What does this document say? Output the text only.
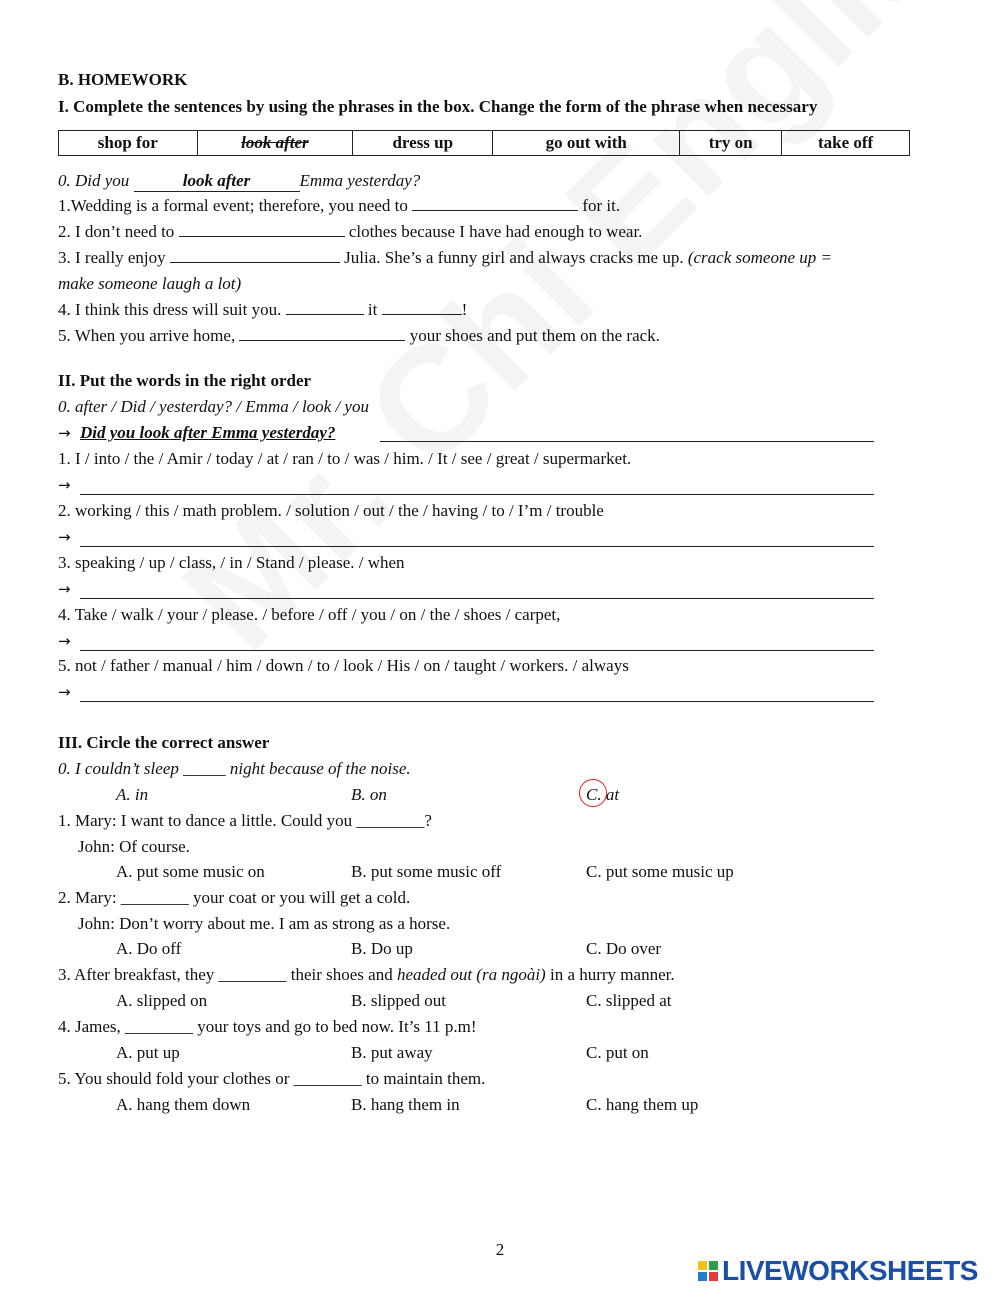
B. HOMEWORK
I. Complete the sentences by using the phrases in the box. Change the form of the phrase when necessary
shop for	look after	dress up	go out with	try on	take off
0. Did you	look after	Emma yesterday?
1.Wedding is a formal event; therefore, you need to	for it.
2. I don’t need to	clothes because I have had enough to wear.
3. I really enjoy	Julia. She’s a funny girl and always cracks me up. (crack someone up =
make someone laugh a lot)
4. I think this dress will suit you.	it	!
5. When you arrive home,	your shoes and put them on the rack.
II. Put the words in the right order
0. after / Did / yesterday? / Emma / look / you
→ Did you look after Emma yesterday?
1. I / into / the / Amir / today / at / ran / to / was / him. / It / see / great / supermarket.
→
2. working / this / math problem. / solution / out / the / having / to / I’m / trouble
→
3. speaking / up / class, / in / Stand / please. / when
→
4. Take / walk / your / please. / before / off / you / on / the / shoes / carpet,
→
5. not / father / manual / him / down / to / look / His / on / taught / workers. / always
→
III. Circle the correct answer
0. I couldn’t sleep _____ night because of the noise.
A. in	B. on	C. at
1. Mary: I want to dance a little. Could you ________?
John: Of course.
A. put some music on	B. put some music off	C. put some music up
2. Mary: ________ your coat or you will get a cold.
John: Don’t worry about me. I am as strong as a horse.
A. Do off	B. Do up	C. Do over
3. After breakfast, they ________ their shoes and headed out (ra ngoài) in a hurry manner.
A. slipped on	B. slipped out	C. slipped at
4. James, ________ your toys and go to bed now. It’s 11 p.m!
A. put up	B. put away	C. put on
5. You should fold your clothes or ________ to maintain them.
A. hang them down	B. hang them in	C. hang them up
2
LIVEWORKSHEETS
